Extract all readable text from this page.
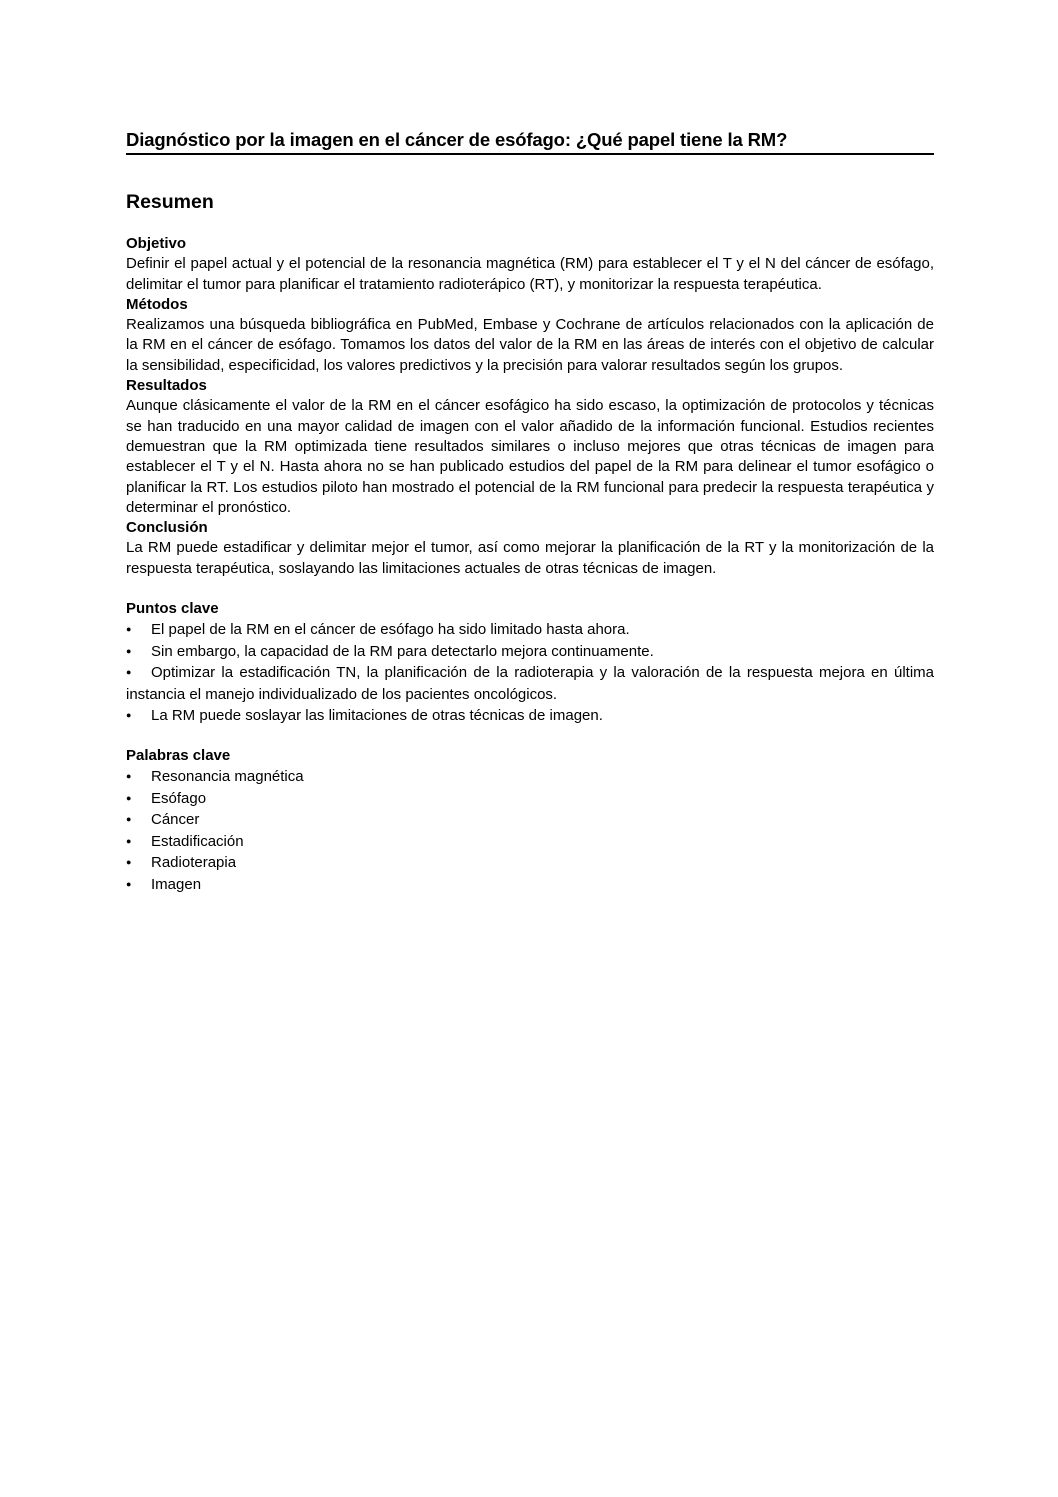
Diagnóstico por la imagen en el cáncer de esófago: ¿Qué papel tiene la RM?
Resumen
Objetivo

Definir el papel actual y el potencial de la resonancia magnética (RM) para establecer el T y el N del cáncer de esófago, delimitar el tumor para planificar el tratamiento radioterápico (RT), y monitorizar la respuesta terapéutica.

Métodos

Realizamos una búsqueda bibliográfica en PubMed, Embase y Cochrane de artículos relacionados con la aplicación de la RM en el cáncer de esófago. Tomamos los datos del valor de la RM en las áreas de interés con el objetivo de calcular la sensibilidad, especificidad, los valores predictivos y la precisión para valorar resultados según los grupos.

Resultados

Aunque clásicamente el valor de la RM en el cáncer esofágico ha sido escaso, la optimización de protocolos y técnicas se han traducido en una mayor calidad de imagen con el valor añadido de la información funcional. Estudios recientes demuestran que la RM optimizada tiene resultados similares o incluso mejores que otras técnicas de imagen para establecer el T y el N. Hasta ahora no se han publicado estudios del papel de la RM para delinear el tumor esofágico o planificar la RT. Los estudios piloto han mostrado el potencial de la RM funcional para predecir la respuesta terapéutica y determinar el pronóstico.

Conclusión

La RM puede estadificar y delimitar mejor el tumor, así como mejorar la planificación de la RT y la monitorización de la respuesta terapéutica, soslayando las limitaciones actuales de otras técnicas de imagen.

Puntos clave
● El papel de la RM en el cáncer de esófago ha sido limitado hasta ahora.
● Sin embargo, la capacidad de la RM para detectarlo mejora continuamente.
● Optimizar la estadificación TN, la planificación de la radioterapia y la valoración de la respuesta mejora en última instancia el manejo individualizado de los pacientes oncológicos.
● La RM puede soslayar las limitaciones de otras técnicas de imagen.
Palabras clave
● Resonancia magnética
● Esófago
● Cáncer
● Estadificación
● Radioterapia
● Imagen
